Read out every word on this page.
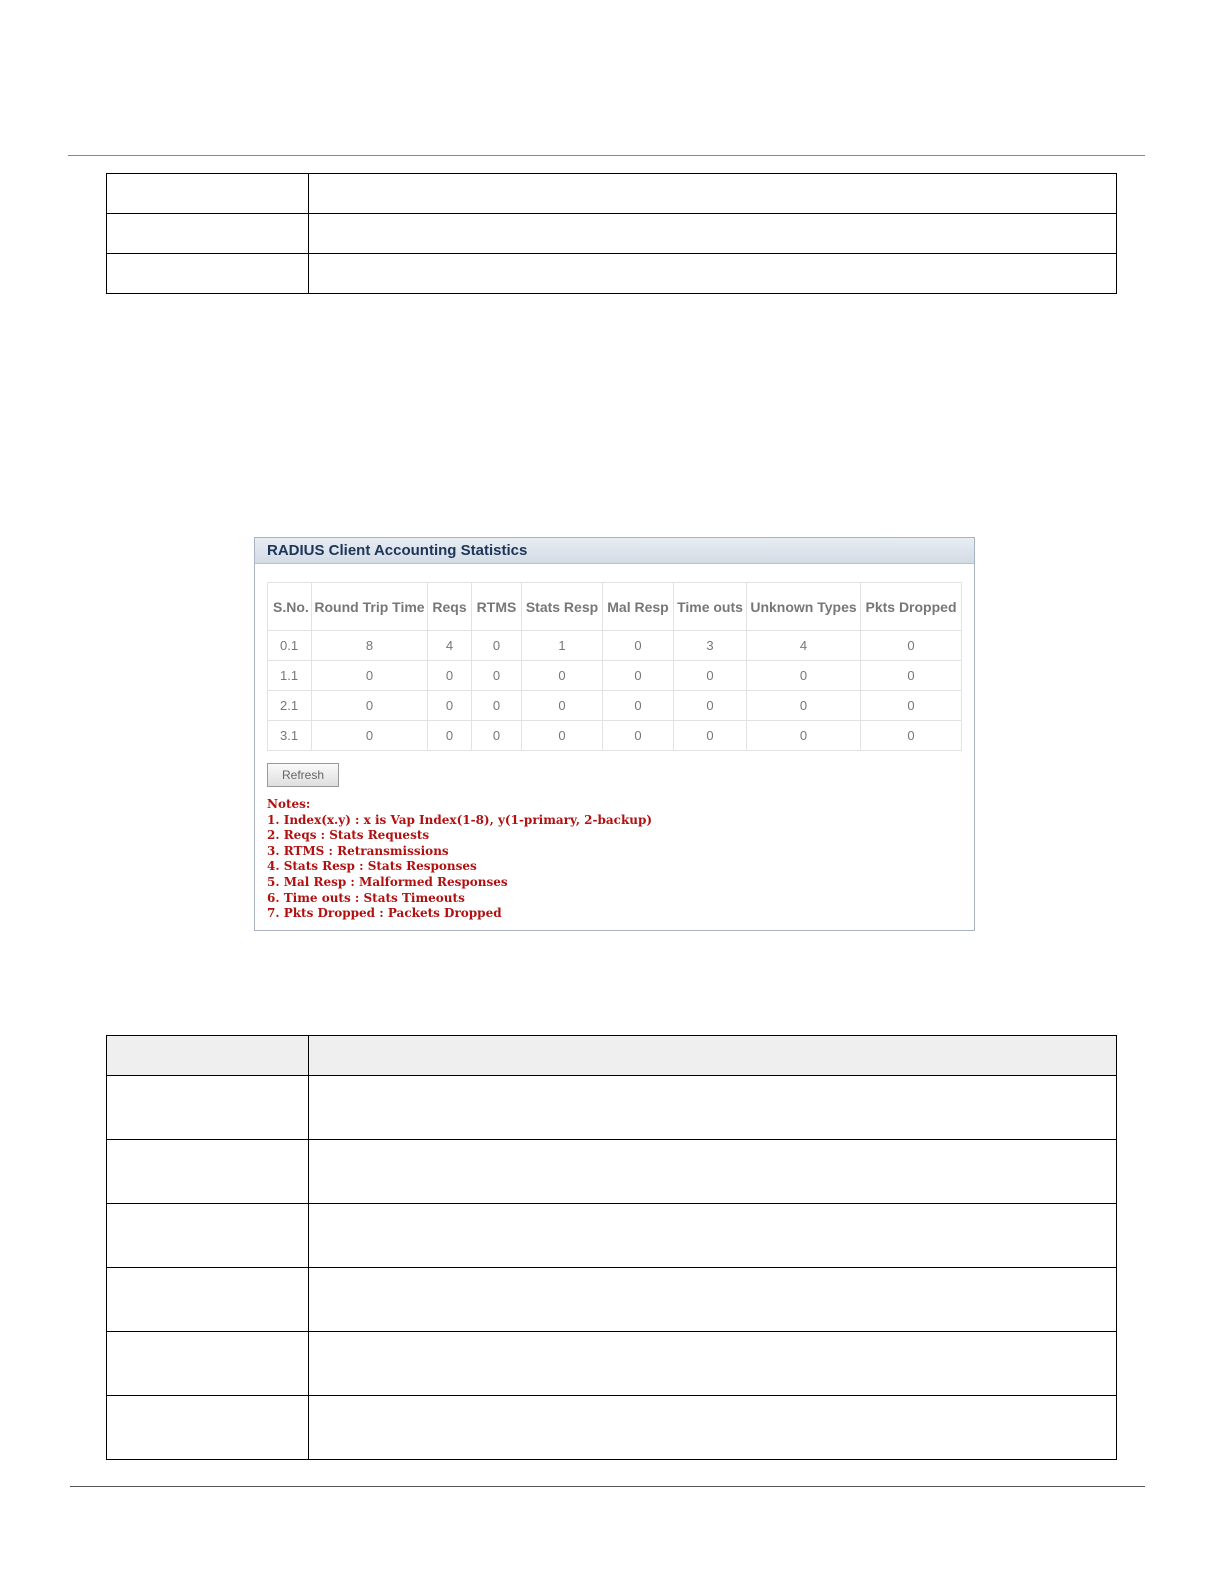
RADIUS Client Accounting Statistics
S.No.	Round Trip Time	Reqs	RTMS	Stats Resp	Mal Resp	Time outs	Unknown Types	Pkts Dropped
0.1	8	4	0	1	0	3	4	0
1.1	0	0	0	0	0	0	0	0
2.1	0	0	0	0	0	0	0	0
3.1	0	0	0	0	0	0	0	0
Refresh
Notes:
1. Index(x.y) : x is Vap Index(1-8), y(1-primary, 2-backup)
2. Reqs : Stats Requests
3. RTMS : Retransmissions
4. Stats Resp : Stats Responses
5. Mal Resp : Malformed Responses
6. Time outs : Stats Timeouts
7. Pkts Dropped : Packets Dropped
